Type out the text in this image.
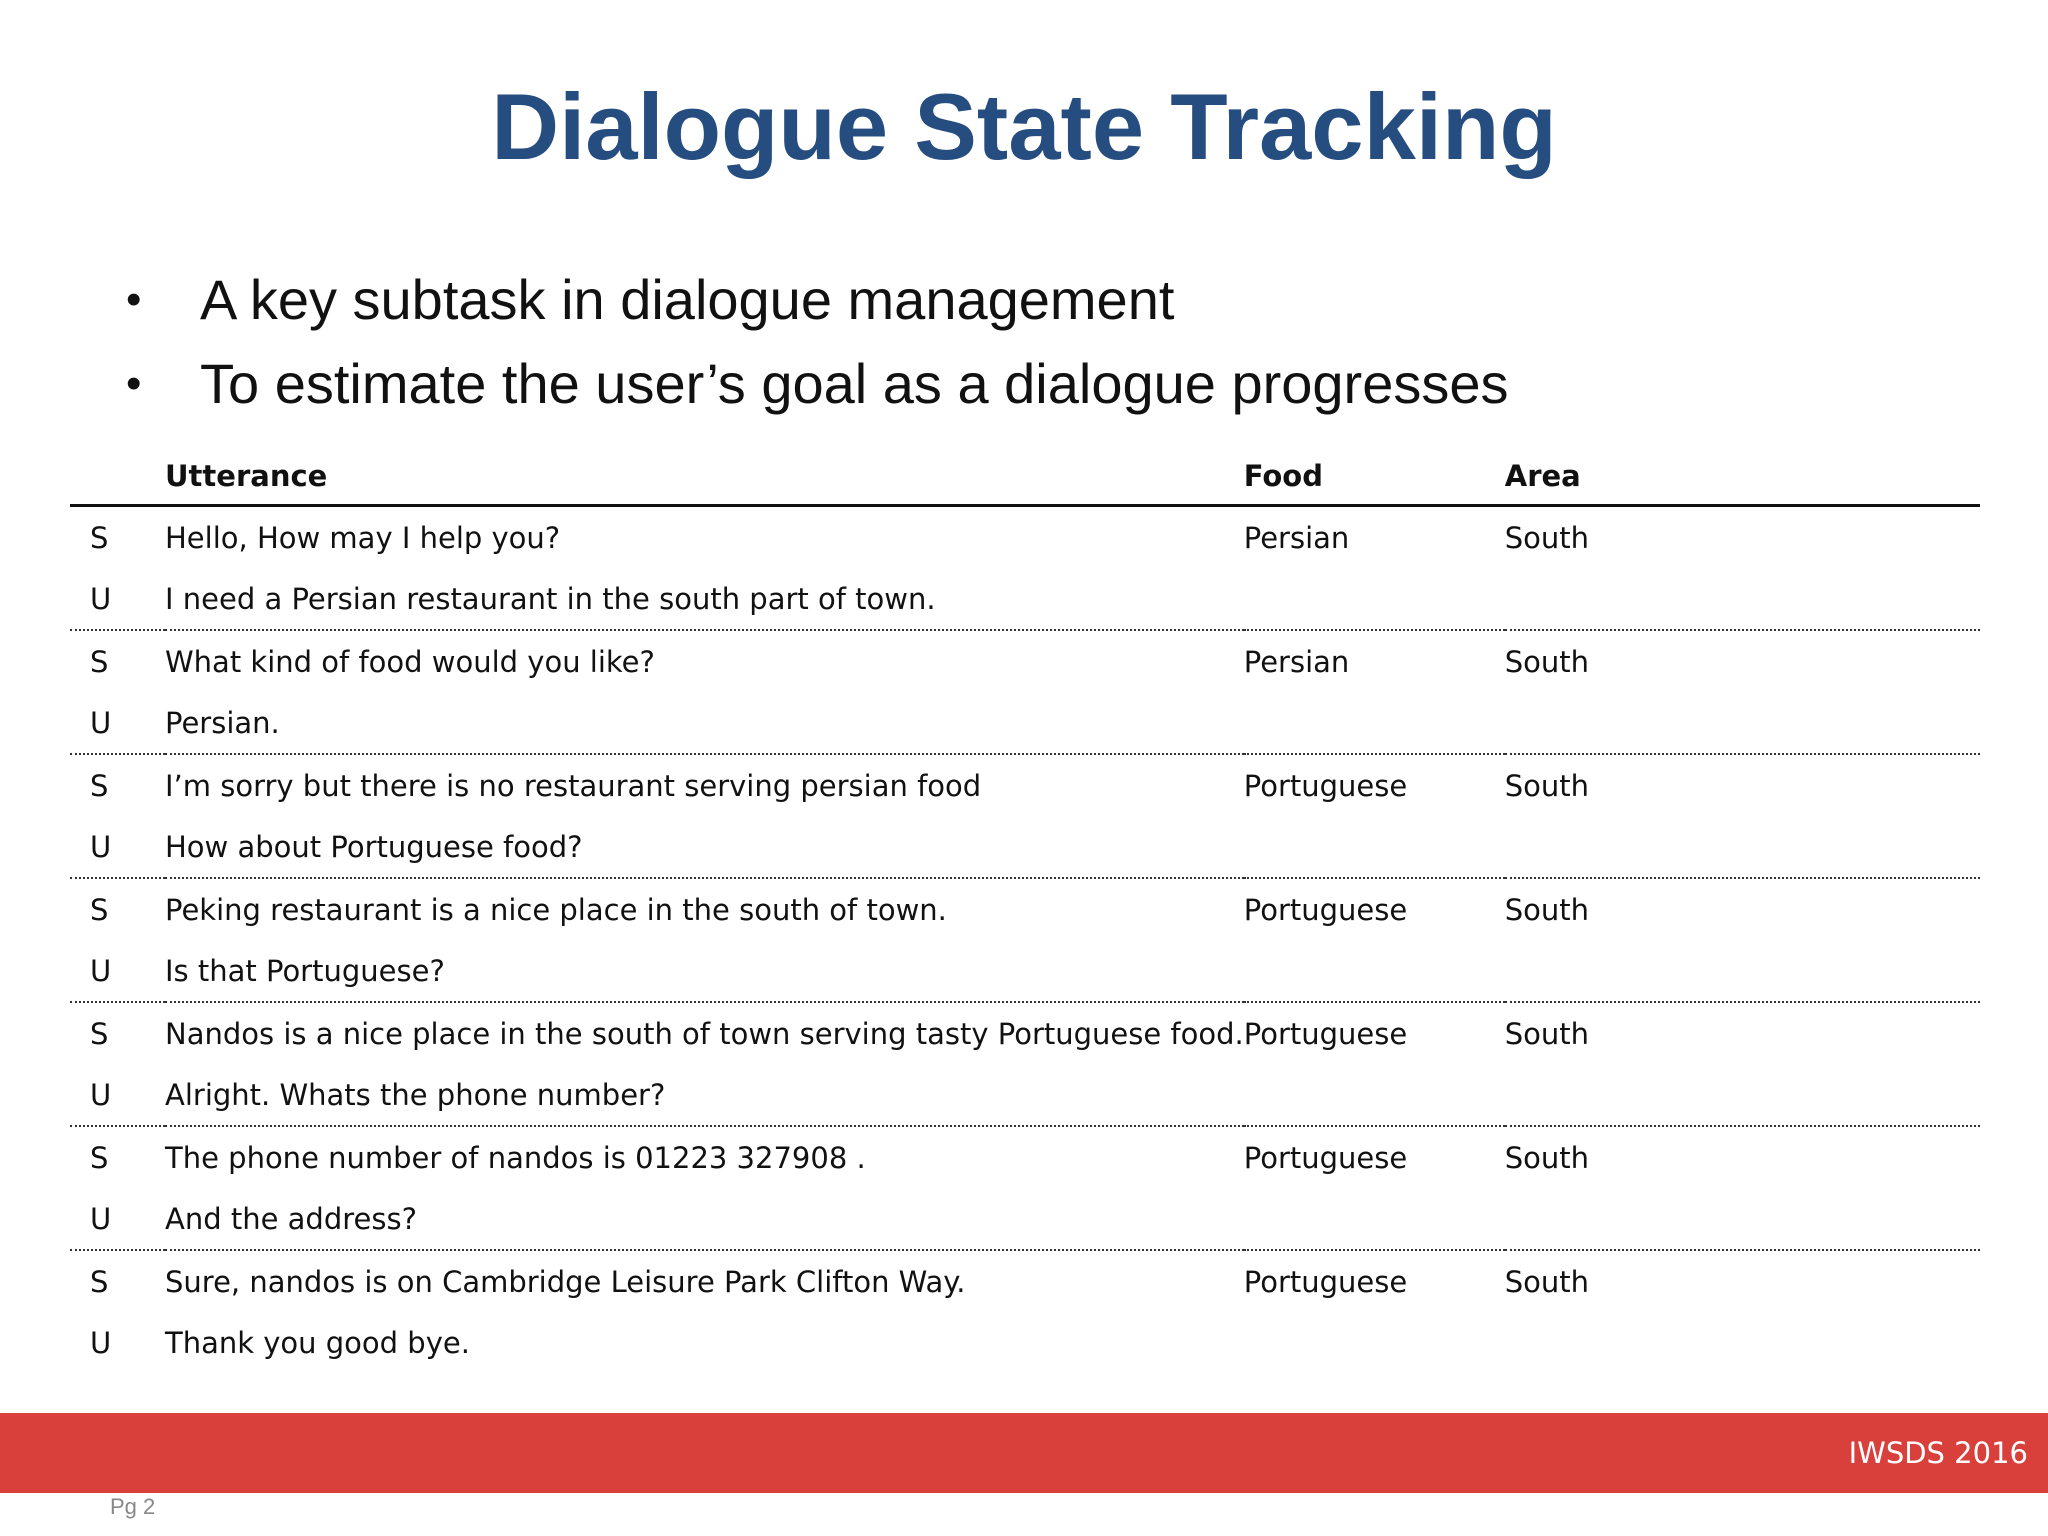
Dialogue State Tracking
• A key subtask in dialogue management
• To estimate the user’s goal as a dialogue progresses
	Utterance	Food	Area
S	Hello, How may I help you?	Persian	South
U	I need a Persian restaurant in the south part of town.		
S	What kind of food would you like?	Persian	South
U	Persian.		
S	I’m sorry but there is no restaurant serving persian food	Portuguese	South
U	How about Portuguese food?		
S	Peking restaurant is a nice place in the south of town.	Portuguese	South
U	Is that Portuguese?		
S	Nandos is a nice place in the south of town serving tasty Portuguese food.	Portuguese	South
U	Alright. Whats the phone number?		
S	The phone number of nandos is 01223 327908 .	Portuguese	South
U	And the address?		
S	Sure, nandos is on Cambridge Leisure Park Clifton Way.	Portuguese	South
U	Thank you good bye.		
IWSDS 2016
Pg 2
